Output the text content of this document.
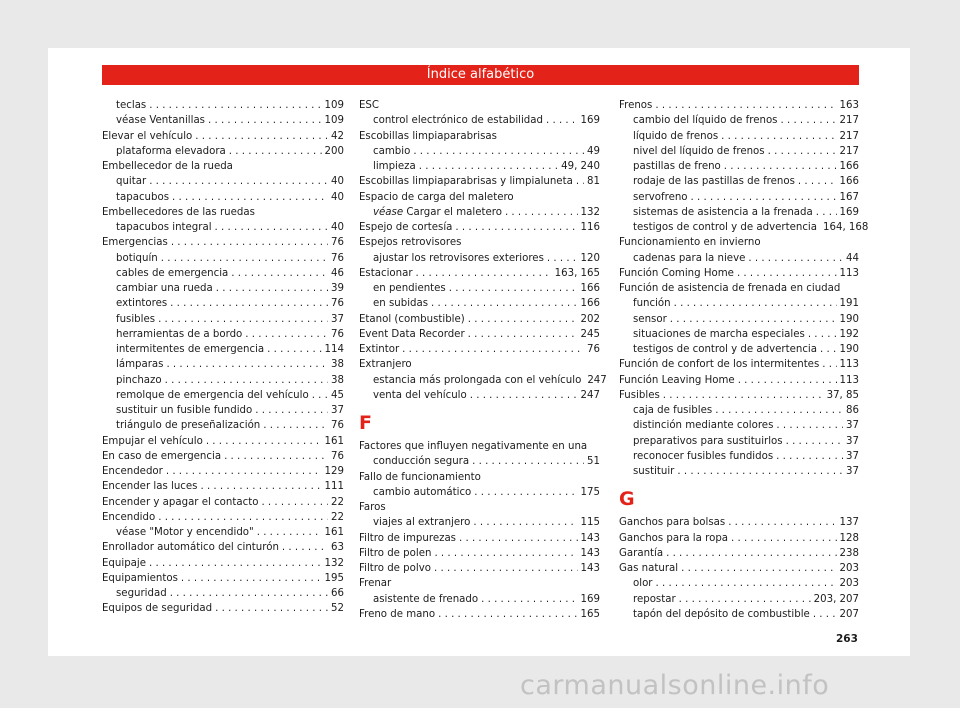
Índice alfabético
teclas . . .	109
véase Ventanillas . . .	109
Elevar el vehículo . . .	42
plataforma elevadora . . .	200
Embellecedor de la rueda
quitar . . .	40
tapacubos . . .	40
Embellecedores de las ruedas
tapacubos integral . . .	40
Emergencias . . .	76
botiquín . . .	76
cables de emergencia . . .	46
cambiar una rueda . . .	39
extintores . . .	76
fusibles . . .	37
herramientas de a bordo . . .	76
intermitentes de emergencia . . .	114
lámparas . . .	38
pinchazo . . .	38
remolque de emergencia del vehículo . . . 45
sustituir un fusible fundido . . .	37
triángulo de preseñalización . . .	76
Empujar el vehículo . . .	161
En caso de emergencia . . .	76
Encendedor . . .	129
Encender las luces . . .	111
Encender y apagar el contacto . . .	22
Encendido . . .	22
véase "Motor y encendido" . . .	161
Enrollador automático del cinturón . . .	63
Equipaje . . .	132
Equipamientos . . .	195
seguridad . . .	66
Equipos de seguridad . . .	52
ESC
control electrónico de estabilidad . . .	169
Escobillas limpiaparabrisas
cambio . . .	49
limpieza . . .	49, 240
Escobillas limpiaparabrisas y limpialuneta . . . 81
Espacio de carga del maletero
véase Cargar el maletero . . .	132
Espejo de cortesía . . .	116
Espejos retrovisores
ajustar los retrovisores exteriores . . .	120
Estacionar . . .	163, 165
en pendientes . . .	166
en subidas . . .	166
Etanol (combustible) . . .	202
Event Data Recorder . . .	245
Extintor . . .	76
Extranjero
estancia más prolongada con el vehículo 247
venta del vehículo . . .	247
F
Factores que influyen negativamente en una
conducción segura . . .	51
Fallo de funcionamiento
cambio automático . . .	175
Faros
viajes al extranjero . . .	115
Filtro de impurezas . . .	143
Filtro de polen . . .	143
Filtro de polvo . . .	143
Frenar
asistente de frenado . . .	169
Freno de mano . . .	165
Frenos . . .	163
cambio del líquido de frenos . . .	217
líquido de frenos . . .	217
nivel del líquido de frenos . . .	217
pastillas de freno . . .	166
rodaje de las pastillas de frenos . . .	166
servofreno . . .	167
sistemas de asistencia a la frenada . . .	169
testigos de control y de advertencia 164, 168
Funcionamiento en invierno
cadenas para la nieve . . .	44
Función Coming Home . . .	113
Función de asistencia de frenada en ciudad
función . . .	191
sensor . . .	190
situaciones de marcha especiales . . .	192
testigos de control y de advertencia . . . 190
Función de confort de los intermitentes . . . 113
Función Leaving Home . . .	113
Fusibles . . .	37, 85
caja de fusibles . . .	86
distinción mediante colores . . .	37
preparativos para sustituirlos . . .	37
reconocer fusibles fundidos . . .	37
sustituir . . .	37
G
Ganchos para bolsas . . .	137
Ganchos para la ropa . . .	128
Garantía . . .	238
Gas natural . . .	203
olor . . .	203
repostar . . .	203, 207
tapón del depósito de combustible . . .	207
263
carmanualsonline.info
